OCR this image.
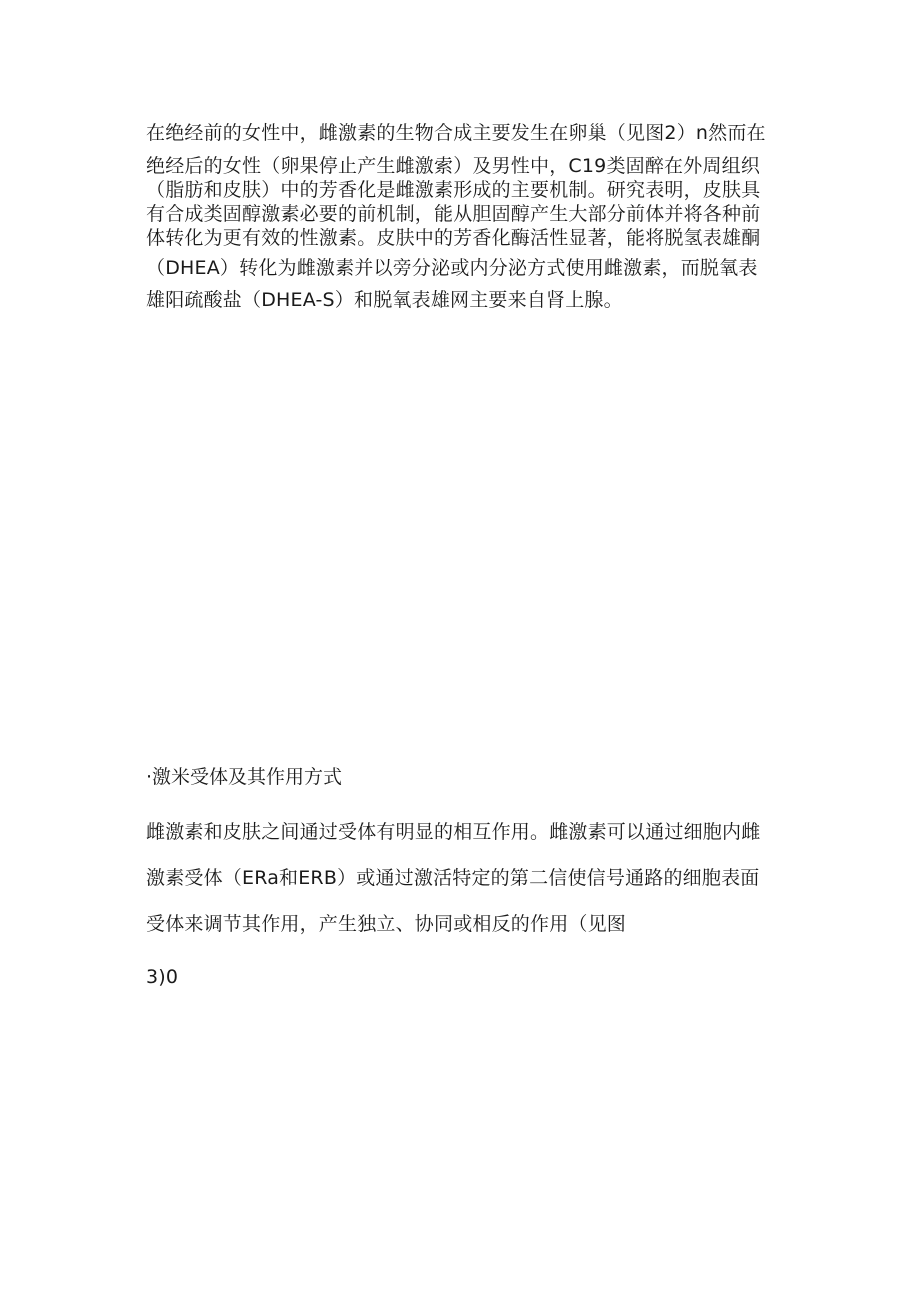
在绝经前的女性中，雌激素的生物合成主要发生在卵巢（见图2）n然而在
绝经后的女性（卵果停止产生雌激索）及男性中，C19类固醉在外周组织
（脂肪和皮肤）中的芳香化是雌激素形成的主要机制。研究表明，皮肤具
有合成类固醇激素必要的前机制，能从胆固醇产生大部分前体并将各种前
体转化为更有效的性激素。皮肤中的芳香化酶活性显著，能将脱氢表雄酮
（DHEA）转化为雌激素并以旁分泌或内分泌方式使用雌激素，而脱氧表
雄阳疏酸盐（DHEA-S）和脱氧表雄网主要来自肾上腺。
·激米受体及其作用方式
雌激素和皮肤之间通过受体有明显的相互作用。雌激素可以通过细胞内雌
激素受体（ERa和ERB）或通过激活特定的第二信使信号通路的细胞表面
受体来调节其作用，产生独立、协同或相反的作用（见图
3)0
